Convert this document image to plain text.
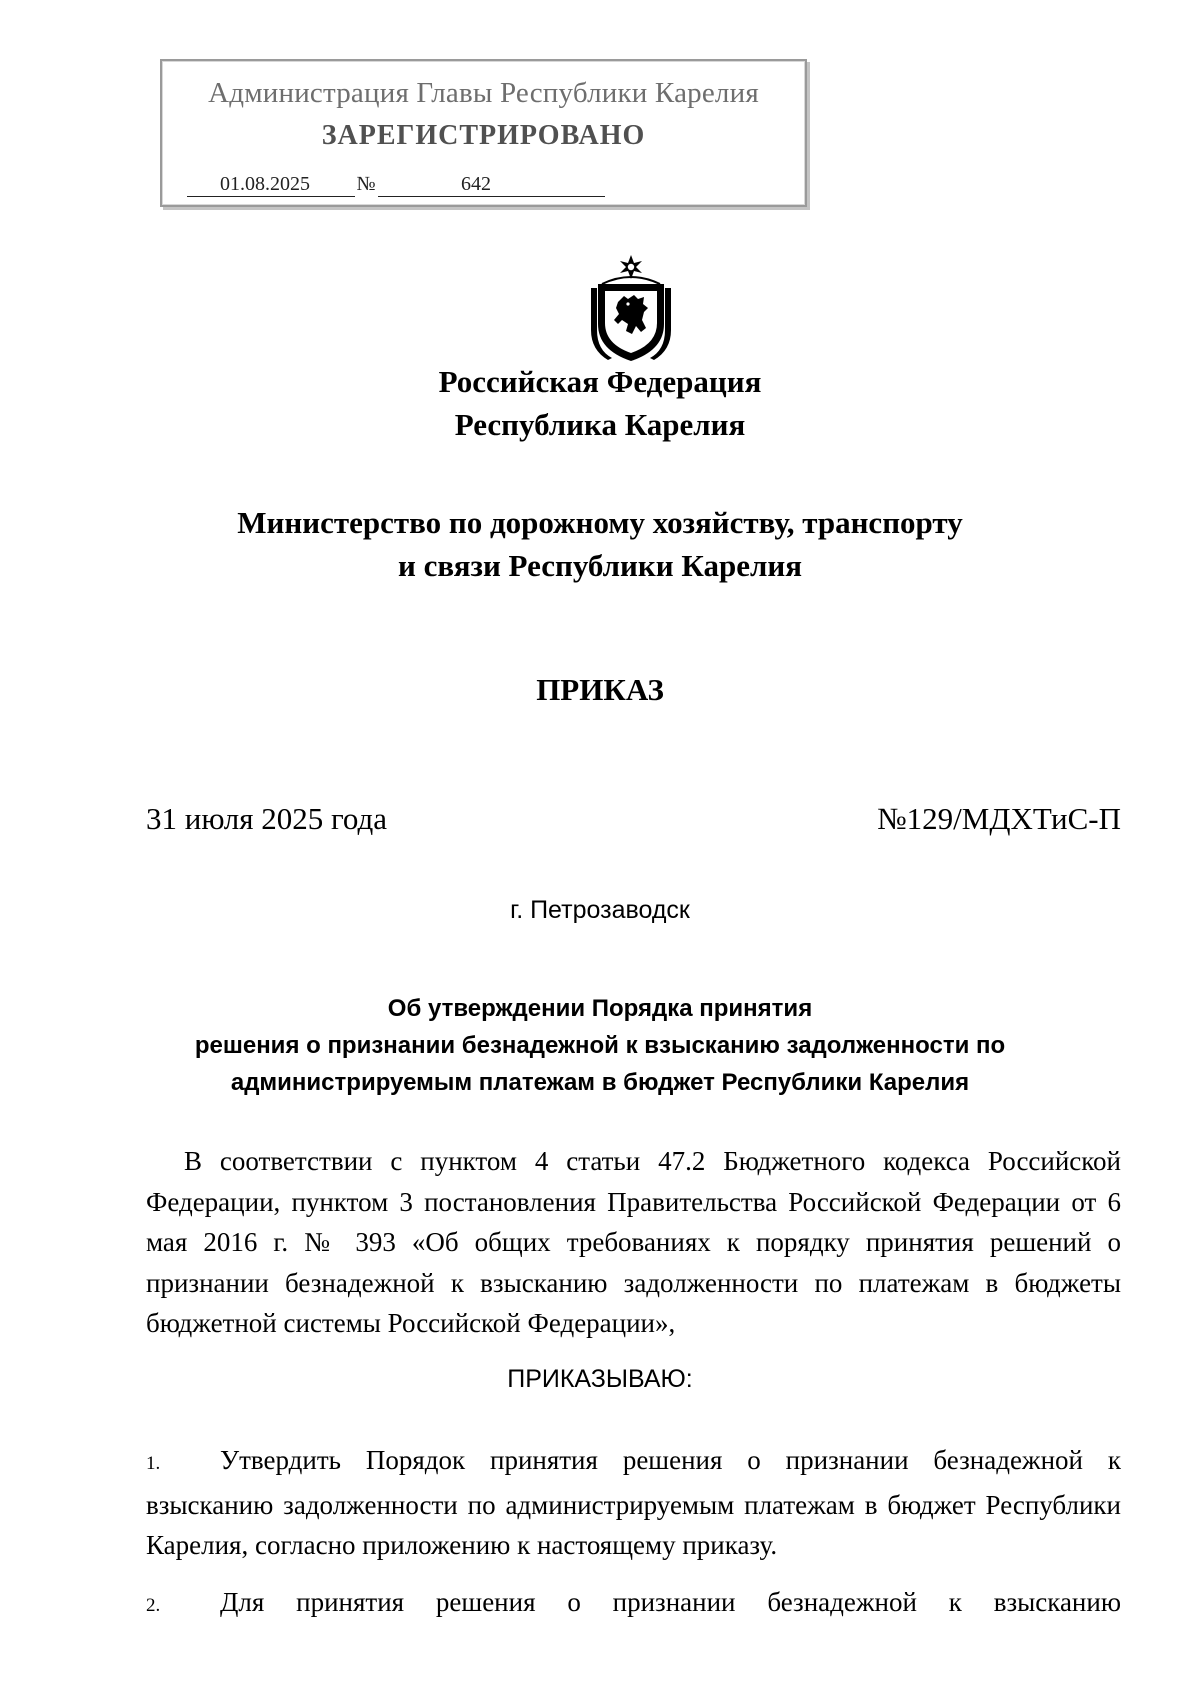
Администрация Главы Республики Карелия
ЗАРЕГИСТРИРОВАНО
01.08.2025	№	642
Российская Федерация
Республика Карелия
Министерство по дорожному хозяйству, транспорту
и связи Республики Карелия
ПРИКАЗ
31 июля 2025 года	№129/МДХТиС-П
г. Петрозаводск
Об утверждении Порядка принятия
решения о признании безнадежной к взысканию задолженности по
администрируемым платежам в бюджет Республики Карелия
В соответствии с пунктом 4 статьи 47.2 Бюджетного кодекса Российской Федерации, пунктом 3 постановления Правительства Российской Федерации от 6 мая 2016 г. № 393 «Об общих требованиях к порядку принятия решений о признании безнадежной к взысканию задолженности по платежам в бюджеты бюджетной системы Российской Федерации»,
ПРИКАЗЫВАЮ:
1. Утвердить Порядок принятия решения о признании безнадежной к взысканию задолженности по администрируемым платежам в бюджет Республики Карелия, согласно приложению к настоящему приказу.
2. Для принятия решения о признании безнадежной к взысканию
